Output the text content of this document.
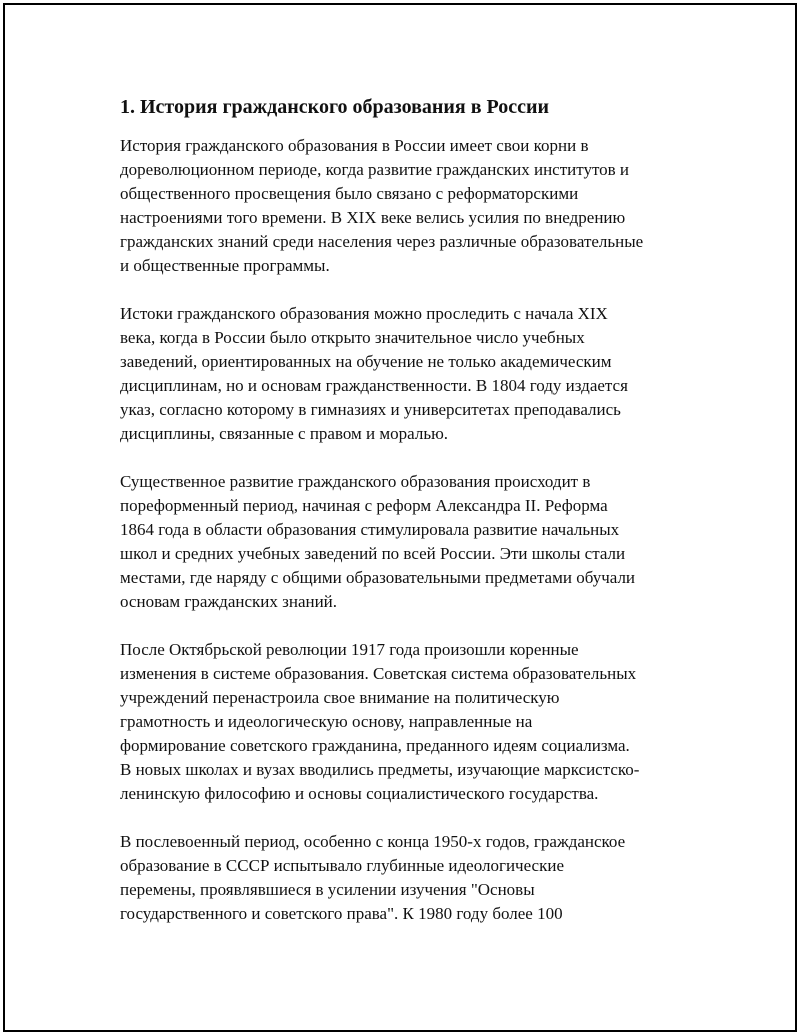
1. История гражданского образования в России
История гражданского образования в России имеет свои корни в
дореволюционном периоде, когда развитие гражданских институтов и
общественного просвещения было связано с реформаторскими
настроениями того времени. В XIX веке велись усилия по внедрению
гражданских знаний среди населения через различные образовательные
и общественные программы.
Истоки гражданского образования можно проследить с начала XIX
века, когда в России было открыто значительное число учебных
заведений, ориентированных на обучение не только академическим
дисциплинам, но и основам гражданственности. В 1804 году издается
указ, согласно которому в гимназиях и университетах преподавались
дисциплины, связанные с правом и моралью.
Существенное развитие гражданского образования происходит в
пореформенный период, начиная с реформ Александра II. Реформа
1864 года в области образования стимулировала развитие начальных
школ и средних учебных заведений по всей России. Эти школы стали
местами, где наряду с общими образовательными предметами обучали
основам гражданских знаний.
После Октябрьской революции 1917 года произошли коренные
изменения в системе образования. Советская система образовательных
учреждений перенастроила свое внимание на политическую
грамотность и идеологическую основу, направленные на
формирование советского гражданина, преданного идеям социализма.
В новых школах и вузах вводились предметы, изучающие марксистско-
ленинскую философию и основы социалистического государства.
В послевоенный период, особенно с конца 1950-х годов, гражданское
образование в СССР испытывало глубинные идеологические
перемены, проявлявшиеся в усилении изучения "Основы
государственного и советского права". К 1980 году более 100
